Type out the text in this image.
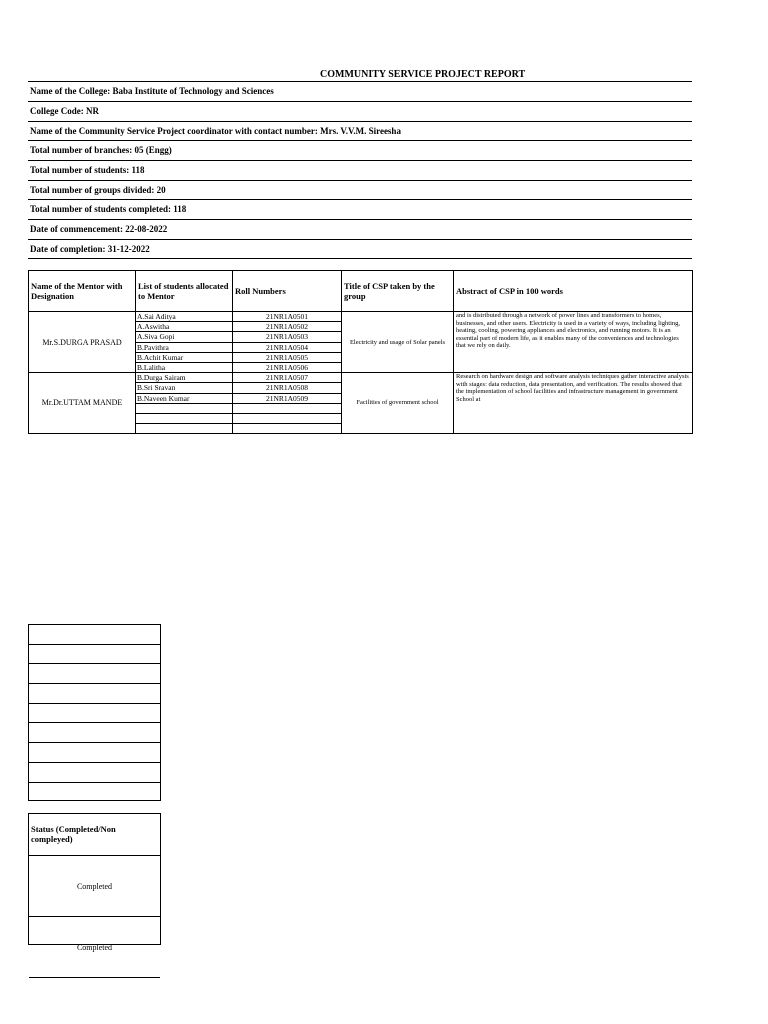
COMMUNITY SERVICE PROJECT REPORT
Name of the College: Baba Institute of Technology and Sciences
College Code: NR
Name of the Community Service Project coordinator with contact number: Mrs. V.V.M. Sireesha
Total number of branches: 05 (Engg)
Total number of students: 118
Total number of groups divided: 20
Total number of students completed: 118
Date of commencement: 22-08-2022
Date of completion: 31-12-2022
Name of the Mentor with Designation	List of students allocated to Mentor	Roll Numbers	Title of CSP taken by the group	Abstract of CSP in 100 words
Mr.S.DURGA PRASAD	A.Sai Aditya	21NR1A0501	Electricity and usage of Solar panels	and is distributed through a network of power lines and transformers to homes, businesses, and other users. Electricity is used in a variety of ways, including lighting, heating, cooling, powering appliances and electronics, and running motors. It is an essential part of modern life, as it enables many of the conveniences and technologies that we rely on daily.
	A.Aswitha	21NR1A0502		
	A.Siva Gopi	21NR1A0503		
	B.Pavithra	21NR1A0504		
	B.Achit Kumar	21NR1A0505		
	B.Lalitha	21NR1A0506		
Mr.Dr.UTTAM MANDE	B.Durga Sairam	21NR1A0507	Facilities of government school	Research on hardware design and software analysis techniques gather interactive analysis with stages: data reduction, data presentation, and verification. The results showed that the implementation of school facilities and infrastructure management in government School at
	B.Sri Sravan	21NR1A0508		
	B.Naveen Kumar	21NR1A0509		

Status (Completed/Non compleyed)
Completed
Completed
